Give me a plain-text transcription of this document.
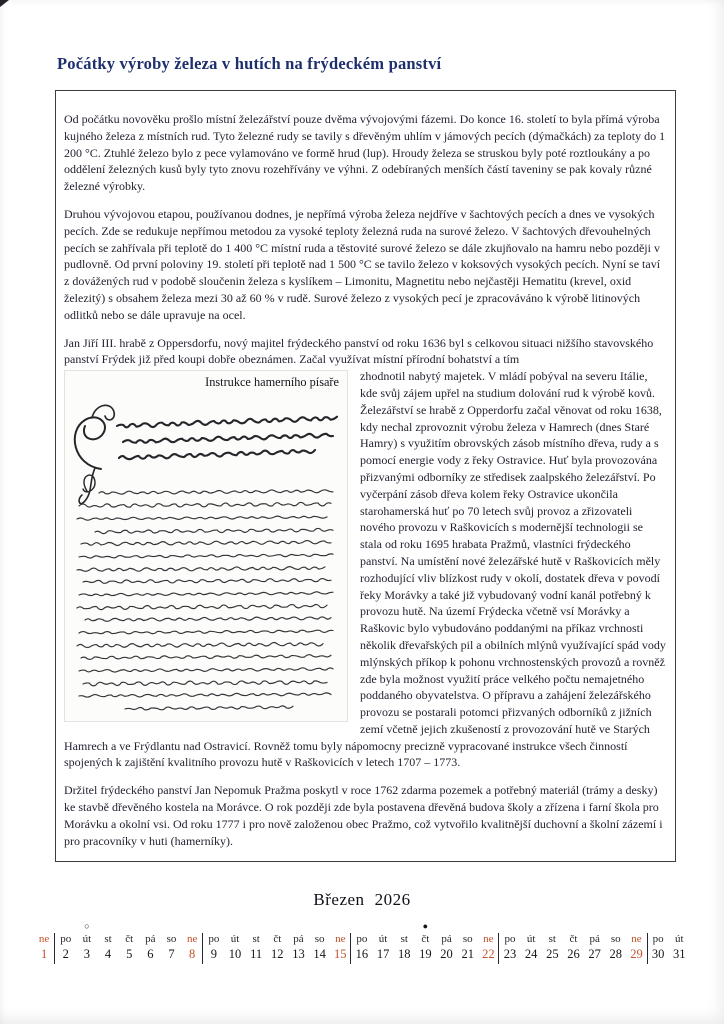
Počátky výroby železa v hutích na frýdeckém panství

Od počátku novověku prošlo místní železářství pouze dvěma vývojovými fázemi. Do konce 16. století to byla přímá výroba kujného železa z místních rud. Tyto železné rudy se tavily s dřevěným uhlím v jámových pecích (dýmačkách) za teploty do 1 200 °C. Ztuhlé železo bylo z pece vylamováno ve formě hrud (lup). Hroudy železa se struskou byly poté roztloukány a po oddělení železných kusů byly tyto znovu rozehřívány ve výhni. Z odebíraných menších částí taveniny se pak kovaly různé železné výrobky.

Druhou vývojovou etapou, používanou dodnes, je nepřímá výroba železa nejdříve v šachtových pecích a dnes ve vysokých pecích. Zde se redukuje nepřímou metodou za vysoké teploty železná ruda na surové železo. V šachtových dřevouhelných pecích se zahřívala při teplotě do 1 400 °C místní ruda a těstovité surové železo se dále zkujňovalo na hamru nebo později v pudlovně. Od první poloviny 19. století při teplotě nad 1 500 °C se tavilo železo v koksových vysokých pecích. Nyní se taví z dovážených rud v podobě sloučenin železa s kyslíkem – Limonitu, Magnetitu nebo nejčastěji Hematitu (krevel, oxid železitý) s obsahem železa mezi 30 až 60 % v rudě. Surové železo z vysokých pecí je zpracováváno k výrobě litinových odlitků nebo se dále upravuje na ocel.

Jan Jiří III. hrabě z Oppersdorfu, nový majitel frýdeckého panství od roku 1636 byl s celkovou situaci nižšího stavovského panství Frýdek již před koupi dobře obeznámen. Začal využívat místní přírodní bohatství a tím

Instrukce hamerního písaře zhodnotil nabytý majetek. V mládí pobýval na severu Itálie, kde svůj zájem upřel na studium dolování rud k výrobě kovů. Železářství se hrabě z Opperdorfu začal věnovat od roku 1638, kdy nechal zprovoznit výrobu železa v Hamrech (dnes Staré Hamry) s využitím obrovských zásob místního dřeva, rudy a s pomocí energie vody z řeky Ostravice. Huť byla provozována přizvanými odborníky ze středisek zaalpského železářství. Po vyčerpání zásob dřeva kolem řeky Ostravice ukončila starohamerská huť po 70 letech svůj provoz a zřizovateli nového provozu v Raškovicích s modernější technologii se stala od roku 1695 hrabata Pražmů, vlastníci frýdeckého panství. Na umístění nové železářské hutě v Raškovicích měly rozhodující vliv blízkost rudy v okolí, dostatek dřeva v povodí řeky Morávky a také již vybudovaný vodní kanál potřebný k provozu hutě. Na území Frýdecka včetně vsí Morávky a Raškovic bylo vybudováno poddanými na příkaz vrchnosti několik dřevařských pil a obilních mlýnů využívající spád vody mlýnských příkop k pohonu vrchnostenských provozů a rovněž zde byla možnost využití práce velkého počtu nemajetného poddaného obyvatelstva. O přípravu a zahájení železářského provozu se postarali potomci přizvaných odborníků z jižních zemí včetně jejich zkušeností z provozování hutě ve Starých Hamrech a ve Frýdlantu nad Ostravicí. Rovněž tomu byly nápomocny precizně vypracované instrukce všech činností spojených k zajištění kvalitního provozu hutě v Raškovicích v letech 1707 – 1773.

Držitel frýdeckého panství Jan Nepomuk Pražma poskytl v roce 1762 zdarma pozemek a potřebný materiál (trámy a desky) ke stavbě dřevěného kostela na Morávce. O rok později zde byla postavena dřevěná budova školy a zřízena i farní škola pro Morávku a okolní vsi. Od roku 1777 i pro nově založenou obec Pražmo, což vytvořilo kvalitnější duchovní a školní zázemí i pro pracovníky v huti (hamerníky).

Březen 2026

ne
1

po
2
○
út
3

st
4

čt
5

pá
6

so
7

ne
8

po
9

út
10

st
11

čt
12

pá
13

so
14

ne
15

po
16

út
17

st
18
●
čt
19

pá
20

so
21

ne
22

po
23

út
24

st
25

čt
26

pá
27

so
28

ne
29

po
30

út
31
